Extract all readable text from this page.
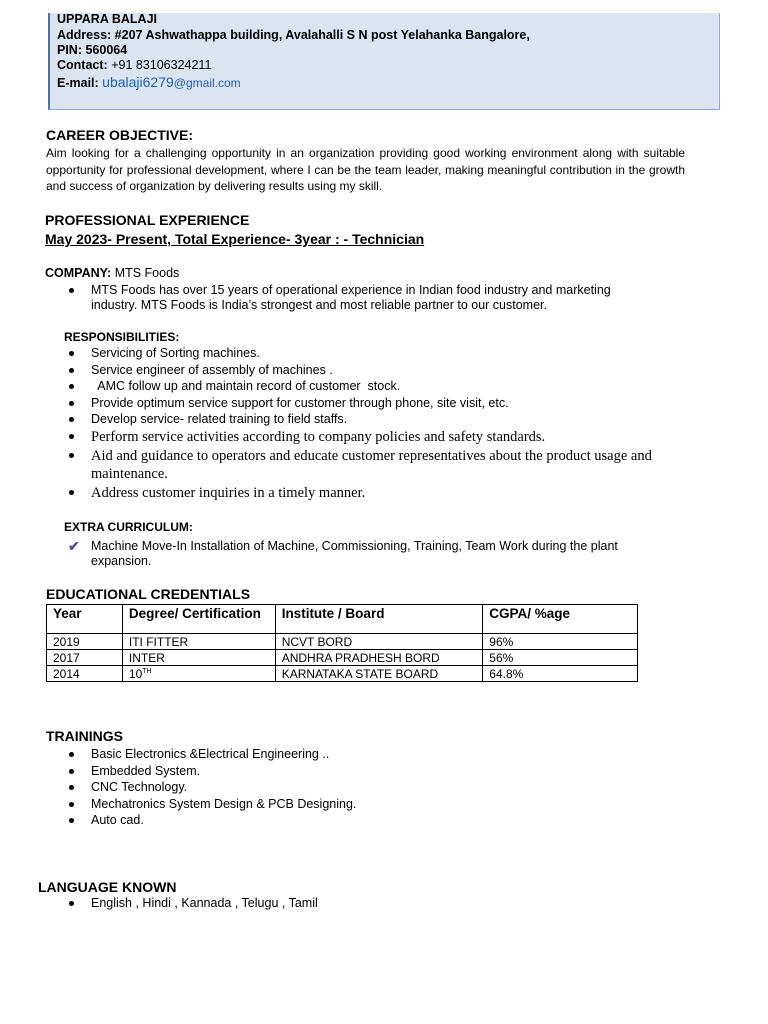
UPPARA BALAJI
Address: #207 Ashwathappa building, Avalahalli S N post Yelahanka Bangalore,
PIN: 560064
Contact: +91 83106324211
E-mail: ubalaji6279@gmail.com
CAREER OBJECTIVE:
Aim looking for a challenging opportunity in an organization providing good working environment along with suitable opportunity for professional development, where I can be the team leader, making meaningful contribution in the growth and success of organization by delivering results using my skill.
PROFESSIONAL EXPERIENCE
May 2023- Present, Total Experience- 3year : - Technician
COMPANY: MTS Foods
MTS Foods has over 15 years of operational experience in Indian food industry and marketing industry. MTS Foods is India’s strongest and most reliable partner to our customer.
RESPONSIBILITIES:
Servicing of Sorting machines.
Service engineer of assembly of machines .
AMC follow up and maintain record of customer  stock.
Provide optimum service support for customer through phone, site visit, etc.
Develop service- related training to field staffs.
Perform service activities according to company policies and safety standards.
Aid and guidance to operators and educate customer representatives about the product usage and maintenance.
Address customer inquiries in a timely manner.
EXTRA CURRICULUM:
✔ Machine Move-In Installation of Machine, Commissioning, Training, Team Work during the plant expansion.
EDUCATIONAL CREDENTIALS
Year	Degree/ Certification	Institute / Board	CGPA/ %age
2019	ITI FITTER	NCVT BORD	96%
2017	INTER	ANDHRA PRADHESH BORD	56%
2014	10TH	KARNATAKA STATE BOARD	64.8%
TRAININGS
Basic Electronics &Electrical Engineering ..
Embedded System.
CNC Technology.
Mechatronics System Design & PCB Designing.
Auto cad.
LANGUAGE KNOWN
English , Hindi , Kannada , Telugu , Tamil
